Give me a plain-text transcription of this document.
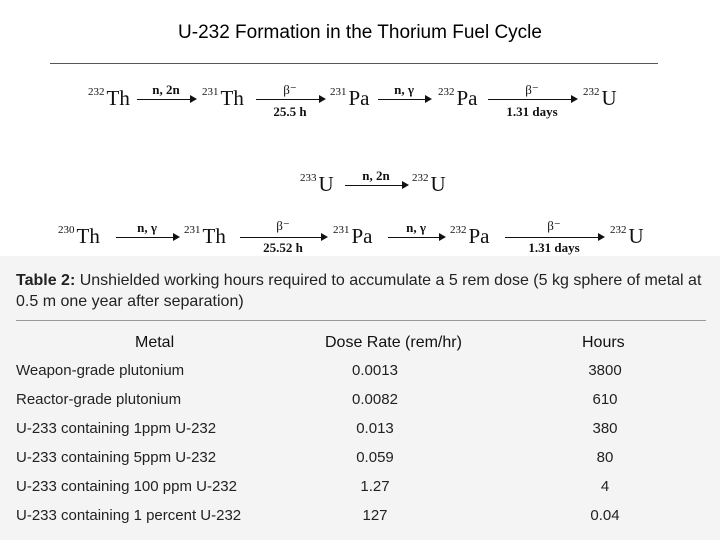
U-232 Formation in the Thorium Fuel Cycle
$^{232}$Th →
n, 2n	$^{231}$Th	β⁻
25.5 h
$^{231}$Pa →
n, γ	$^{232}$Pa	β⁻
1.31 days
$^{232}$U
$^{233}$U →
n, 2n	$^{232}$U
$^{230}$Th →
n, γ	$^{231}$Th	β⁻
25.52 h
$^{231}$Pa →
n, γ	$^{232}$Pa	β⁻
1.31 days
$^{232}$U
Table 2: Unshielded working hours required to accumulate a 5 rem dose (5 kg sphere of metal at 0.5 m one year after separation)
Metal	Dose Rate (rem/hr)	Hours
Weapon-grade plutonium	0.0013	3800
Reactor-grade plutonium	0.0082	610
U-233 containing 1ppm U-232	0.013	380
U-233 containing 5ppm U-232	0.059	80
U-233 containing 100 ppm U-232	1.27	4
U-233 containing 1 percent U-232	127	0.04
